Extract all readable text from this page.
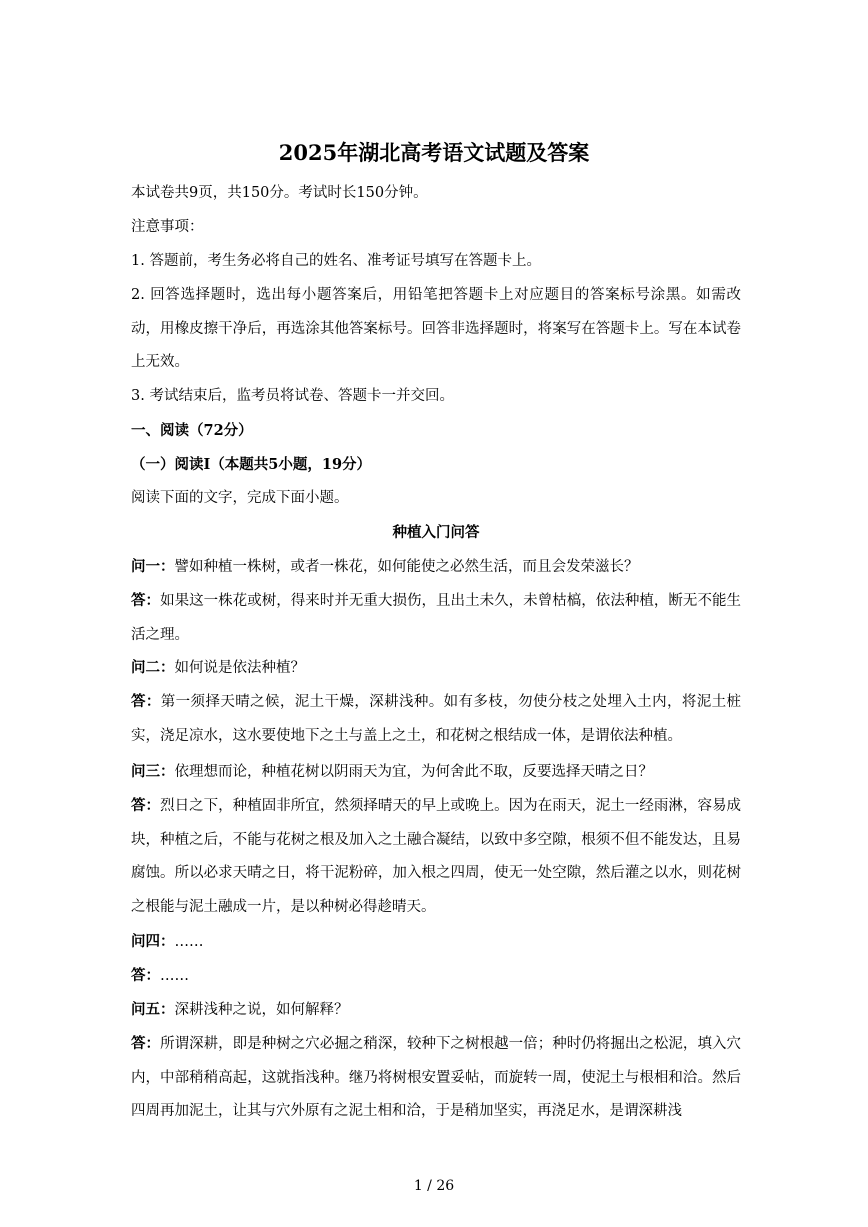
2025年湖北高考语文试题及答案
本试卷共9页，共150分。考试时长150分钟。
注意事项：
1. 答题前，考生务必将自己的姓名、准考证号填写在答题卡上。
2. 回答选择题时，选出每小题答案后，用铅笔把答题卡上对应题目的答案标号涂黑。如需改动，用橡皮擦干净后，再选涂其他答案标号。回答非选择题时，将案写在答题卡上。写在本试卷上无效。
3. 考试结束后，监考员将试卷、答题卡一并交回。
一、阅读（72分）
（一）阅读I（本题共5小题，19分）
阅读下面的文字，完成下面小题。
种植入门问答
问一：譬如种植一株树，或者一株花，如何能使之必然生活，而且会发荣滋长？
答：如果这一株花或树，得来时并无重大损伤，且出土未久，未曾枯槁，依法种植，断无不能生活之理。
问二：如何说是依法种植？
答：第一须择天晴之候，泥土干燥，深耕浅种。如有多枝，勿使分枝之处埋入土内，将泥土桩实，浇足凉水，这水要使地下之土与盖上之土，和花树之根结成一体，是谓依法种植。
问三：依理想而论，种植花树以阴雨天为宜，为何舍此不取，反要选择天晴之日？
答：烈日之下，种植固非所宜，然须择晴天的早上或晚上。因为在雨天，泥土一经雨淋，容易成块，种植之后，不能与花树之根及加入之土融合凝结，以致中多空隙，根须不但不能发达，且易腐蚀。所以必求天晴之日，将干泥粉碎，加入根之四周，使无一处空隙，然后灌之以水，则花树之根能与泥土融成一片，是以种树必得趁晴天。
问四：……
答：……
问五：深耕浅种之说，如何解释？
答：所谓深耕，即是种树之穴必掘之稍深，较种下之树根越一倍；种时仍将掘出之松泥，填入穴内，中部稍稍高起，这就指浅种。继乃将树根安置妥帖，而旋转一周，使泥土与根相和洽。然后四周再加泥土，让其与穴外原有之泥土相和洽，于是稍加坚实，再浇足水，是谓深耕浅
1 / 26
